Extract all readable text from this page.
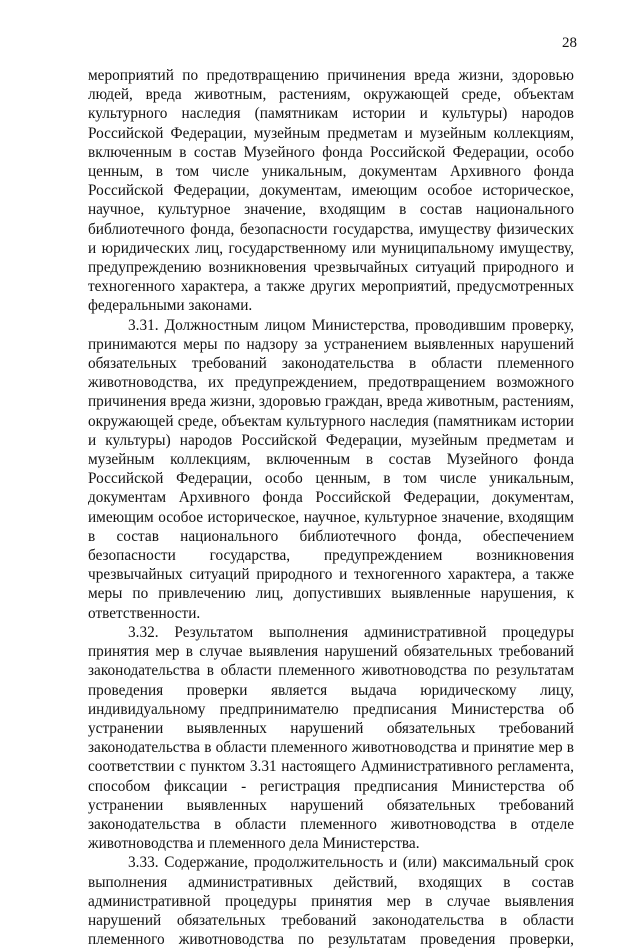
28

мероприятий по предотвращению причинения вреда жизни, здоровью людей, вреда животным, растениям, окружающей среде, объектам культурного наследия (памятникам истории и культуры) народов Российской Федерации, музейным предметам и музейным коллекциям, включенным в состав Музейного фонда Российской Федерации, особо ценным, в том числе уникальным, документам Архивного фонда Российской Федерации, документам, имеющим особое историческое, научное, культурное значение, входящим в состав национального библиотечного фонда, безопасности государства, имуществу физических и юридических лиц, государственному или муниципальному имуществу, предупреждению возникновения чрезвычайных ситуаций природного и техногенного характера, а также других мероприятий, предусмотренных федеральными законами.

3.31. Должностным лицом Министерства, проводившим проверку, принимаются меры по надзору за устранением выявленных нарушений обязательных требований законодательства в области племенного животноводства, их предупреждением, предотвращением возможного причинения вреда жизни, здоровью граждан, вреда животным, растениям, окружающей среде, объектам культурного наследия (памятникам истории и культуры) народов Российской Федерации, музейным предметам и музейным коллекциям, включенным в состав Музейного фонда Российской Федерации, особо ценным, в том числе уникальным, документам Архивного фонда Российской Федерации, документам, имеющим особое историческое, научное, культурное значение, входящим в состав национального библиотечного фонда, обеспечением безопасности государства, предупреждением возникновения чрезвычайных ситуаций природного и техногенного характера, а также меры по привлечению лиц, допустивших выявленные нарушения, к ответственности.

3.32. Результатом выполнения административной процедуры принятия мер в случае выявления нарушений обязательных требований законодательства в области племенного животноводства по результатам проведения проверки является выдача юридическому лицу, индивидуальному предпринимателю предписания Министерства об устранении выявленных нарушений обязательных требований законодательства в области племенного животноводства и принятие мер в соответствии с пунктом 3.31 настоящего Административного регламента, способом фиксации - регистрация предписания Министерства об устранении выявленных нарушений обязательных требований законодательства в области племенного животноводства в отделе животноводства и племенного дела Министерства.

3.33. Содержание, продолжительность и (или) максимальный срок выполнения административных действий, входящих в состав административной процедуры принятия мер в случае выявления нарушений обязательных требований законодательства в области племенного животноводства по результатам проведения проверки,
